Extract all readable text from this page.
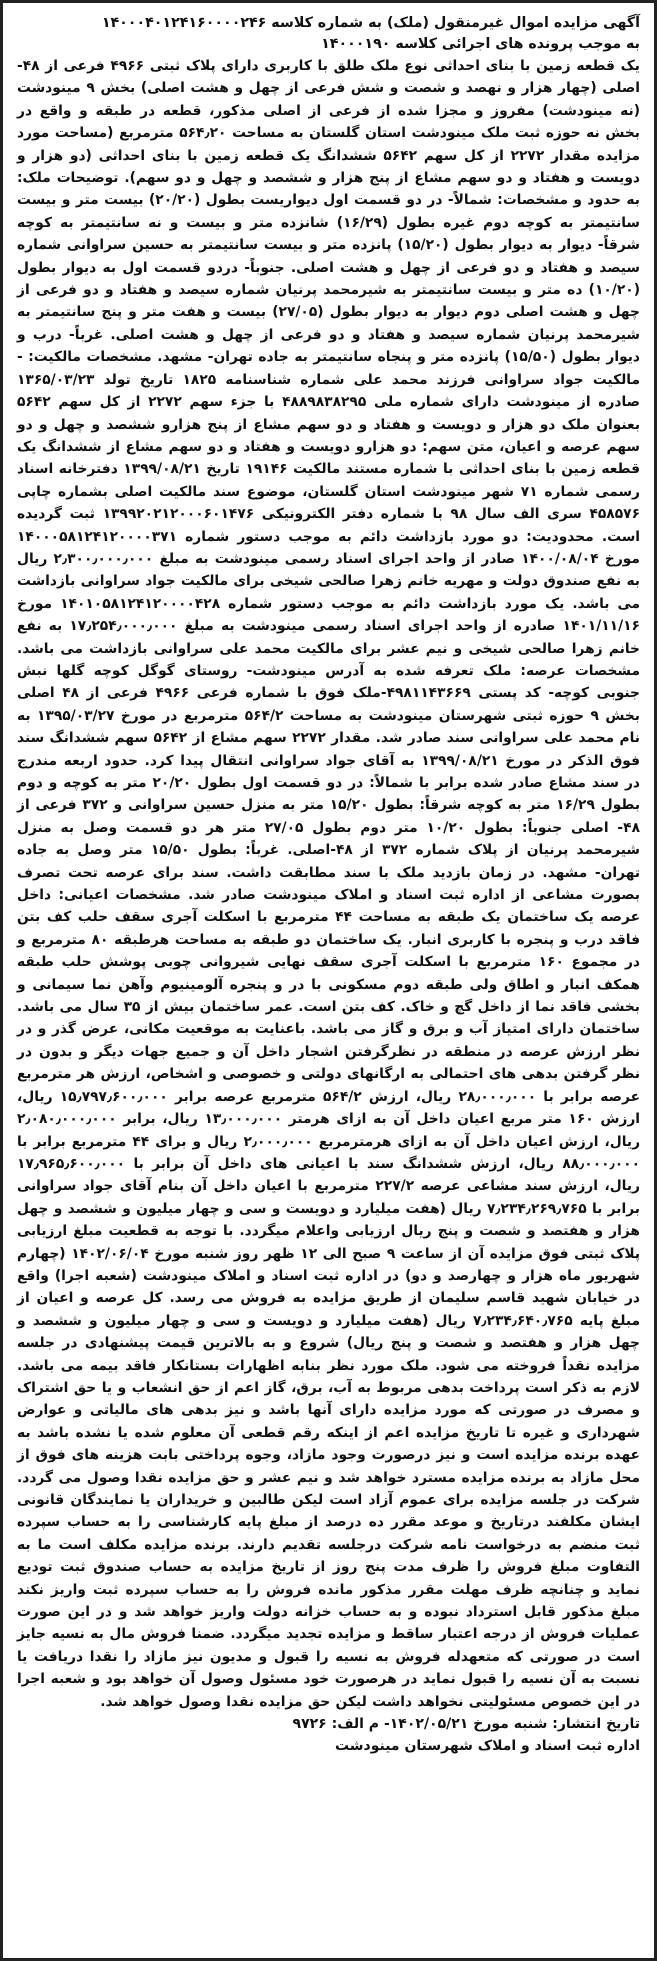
آگهی مزایده اموال غیرمنقول (ملک) به شماره کلاسه ۱۴۰۰۰۴۰۱۲۴۱۶۰۰۰۰۲۴۶
به موجب پرونده های اجرائی کلاسه ۱۴۰۰۰۱۹۰
یک قطعه زمین با بنای احداثی نوع ملک طلق با کاربری دارای پلاک ثبتی ۴۹۶۶ فرعی از ۴۸-اصلی (چهار هزار و نهصد و شصت و شش فرعی از چهل و هشت اصلی) بخش ۹ مینودشت (نه مینودشت) مفروز و مجزا شده از فرعی از اصلی مذکور، قطعه در طبقه و واقع در بخش نه حوزه ثبت ملک مینودشت استان گلستان به مساحت ۵۶۴٫۲۰ مترمربع (مساحت مورد مزایده مقدار ۲۲۷۲ از کل سهم ۵۶۴۲ ششدانگ یک قطعه زمین با بنای احداثی (دو هزار و دویست و هفتاد و دو سهم مشاع از پنج هزار و ششصد و چهل و دو سهم). توضیحات ملک: به حدود و مشخصات: شمالاً- در دو قسمت اول دیواریست بطول (۲۰/۲۰) بیست متر و بیست سانتیمتر به کوچه دوم غیره بطول (۱۶/۲۹) شانزده متر و بیست و نه سانتیمتر به کوچه شرقاً- دیوار به دیوار بطول (۱۵/۲۰) پانزده متر و بیست سانتیمتر به حسین سراوانی شماره سیصد و هفتاد و دو فرعی از چهل و هشت اصلی. جنوباً- دردو قسمت اول به دیوار بطول (۱۰/۲۰) ده متر و بیست سانتیمتر به شیرمحمد پرنیان شماره سیصد و هفتاد و دو فرعی از چهل و هشت اصلی دوم دیوار به دیوار بطول (۲۷/۰۵) بیست و هفت متر و پنج سانتیمتر به شیرمحمد پرنیان شماره سیصد و هفتاد و دو فرعی از چهل و هشت اصلی. غرباً- درب و دیوار بطول (۱۵/۵۰) پانزده متر و پنجاه سانتیمتر به جاده تهران- مشهد. مشخصات مالکیت: - مالکیت جواد سراوانی فرزند محمد علی شماره شناسنامه ۱۸۲۵ تاریخ تولد ۱۳۶۵/۰۳/۲۳ صادره از مینودشت دارای شماره ملی ۴۸۸۹۸۳۸۲۹۵ با جزء سهم ۲۲۷۲ از کل سهم ۵۶۴۲ بعنوان ملک دو هزار و دویست و هفتاد و دو سهم مشاع از پنج هزارو ششصد و چهل و دو سهم عرصه و اعیان، متن سهم: دو هزارو دویست و هفتاد و دو سهم مشاع از ششدانگ یک قطعه زمین با بنای احداثی با شماره مستند مالکیت ۱۹۱۴۶ تاریخ ۱۳۹۹/۰۸/۲۱ دفترخانه اسناد رسمی شماره ۷۱ شهر مینودشت استان گلستان، موضوع سند مالکیت اصلی بشماره چاپی ۴۵۸۵۷۶ سری الف سال ۹۸ با شماره دفتر الکترونیکی ۱۳۹۹۲۰۲۱۲۰۰۰۶۰۱۴۷۶ ثبت گردیده است. محدودیت: دو مورد بازداشت دائم به موجب دستور شماره ۱۴۰۰۰۵۸۱۲۴۱۲۰۰۰۰۳۷۱ مورخ ۱۴۰۰/۰۸/۰۴ صادر از واحد اجرای اسناد رسمی مینودشت به مبلغ ۲٫۳۰۰٫۰۰۰٫۰۰۰ ریال به نفع صندوق دولت و مهریه خانم زهرا صالحی شیخی برای مالکیت جواد سراوانی بازداشت می باشد. یک مورد بازداشت دائم به موجب دستور شماره ۱۴۰۱۰۵۸۱۲۴۱۲۰۰۰۰۴۲۸ مورخ ۱۴۰۱/۱۱/۱۶ صادره از واحد اجرای اسناد رسمی مینودشت به مبلغ ۱۷٫۲۵۴٫۰۰۰٫۰۰۰ به نفع خانم زهرا صالحی شیخی و نیم عشر برای مالکیت محمد علی سراوانی بازداشت می باشد. مشخصات عرصه: ملک تعرفه شده به آدرس مینودشت- روستای گوگل کوچه گلها نبش جنوبی کوچه- کد پستی ۴۹۸۱۱۴۳۶۶۹-ملک فوق با شماره فرعی ۴۹۶۶ فرعی از ۴۸ اصلی بخش ۹ حوزه ثبتی شهرستان مینودشت به مساحت ۵۶۴/۲ مترمربع در مورخ ۱۳۹۵/۰۳/۲۷ به نام محمد علی سراوانی سند صادر شد. مقدار ۲۲۷۲ سهم مشاع از ۵۶۴۲ سهم ششدانگ سند فوق الذکر در مورخ ۱۳۹۹/۰۸/۲۱ به آقای جواد سراوانی انتقال پیدا کرد. حدود اربعه مندرج در سند مشاع صادر شده برابر با شمالاً: در دو قسمت اول بطول ۲۰/۲۰ متر به کوچه و دوم بطول ۱۶/۲۹ متر به کوچه شرقاً: بطول ۱۵/۲۰ متر به منزل حسین سراوانی و ۳۷۲ فرعی از ۴۸- اصلی جنوباً: بطول ۱۰/۲۰ متر دوم بطول ۲۷/۰۵ متر هر دو قسمت وصل به منزل شیرمحمد پرنیان از پلاک شماره ۳۷۲ از ۴۸-اصلی. غرباً: بطول ۱۵/۵۰ متر وصل به جاده تهران- مشهد. در زمان بازدید ملک با سند مطابقت داشت. سند برای عرصه تحت تصرف بصورت مشاعی از اداره ثبت اسناد و املاک مینودشت صادر شد. مشخصات اعیانی: داخل عرصه یک ساختمان یک طبقه به مساحت ۴۴ مترمربع با اسکلت آجری سقف حلب کف بتن فاقد درب و پنجره با کاربری انبار. یک ساختمان دو طبقه به مساحت هرطبقه ۸۰ مترمربع و در مجموع ۱۶۰ مترمربع با اسکلت آجری سقف نهایی شیروانی چوبی پوشش حلب طبقه همکف انبار و اطاق ولی طبقه دوم مسکونی با در و پنجره آلومینیوم وآهن نما سیمانی و بخشی فاقد نما از داخل گچ و خاک. کف بتن است. عمر ساختمان بیش از ۳۵ سال می باشد. ساختمان دارای امتیاز آب و برق و گاز می باشد. باعنایت به موقعیت مکانی، عرض گذر و در نظر ارزش عرصه در منطقه در نظرگرفتن اشجار داخل آن و جمیع جهات دیگر و بدون در نظر گرفتن بدهی های احتمالی به ارگانهای دولتی و خصوصی و اشخاص، ارزش هر مترمربع عرصه برابر با ۲۸٫۰۰۰٫۰۰۰ ریال، ارزش ۵۶۴/۲ مترمربع عرصه برابر ۱۵٫۷۹۷٫۶۰۰٫۰۰۰ ریال، ارزش ۱۶۰ متر مربع اعیان داخل آن به ازای هرمتر ۱۳٫۰۰۰٫۰۰۰ ریال، برابر ۲٫۰۸۰٫۰۰۰٫۰۰۰ ریال، ارزش اعیان داخل آن به ازای هرمترمربع ۲٫۰۰۰٫۰۰۰ ریال و برای ۴۴ مترمربع برابر با ۸۸٫۰۰۰٫۰۰۰ ریال، ارزش ششدانگ سند با اعیانی های داخل آن برابر با ۱۷٫۹۶۵٫۶۰۰٫۰۰۰ ریال، ارزش سند مشاعی عرصه ۲۲۷/۲ مترمربع با اعیان داخل آن بنام آقای جواد سراوانی برابر با ۷٫۲۳۴٫۲۶۹٫۷۶۵ ریال (هفت میلیارد و دویست و سی و چهار میلیون و ششصد و چهل هزار و هفتصد و شصت و پنج ریال ارزیابی واعلام میگردد. با توجه به قطعیت مبلغ ارزیابی پلاک ثبتی فوق مزایده آن از ساعت ۹ صبح الی ۱۲ ظهر روز شنبه مورخ ۱۴۰۲/۰۶/۰۴ (چهارم شهریور ماه هزار و چهارصد و دو) در اداره ثبت اسناد و املاک مینودشت (شعبه اجرا) واقع در خیابان شهید قاسم سلیمان از طریق مزایده به فروش می رسد. کل عرصه و اعیان از مبلغ پایه ۷٫۲۳۴٫۶۴۰٫۷۶۵ ریال (هفت میلیارد و دویست و سی و چهار میلیون و ششصد و چهل هزار و هفتصد و شصت و پنج ریال) شروع و به بالاترین قیمت پیشنهادی در جلسه مزایده نقداً فروخته می شود. ملک مورد نظر بنابه اظهارات بستانکار فاقد بیمه می باشد. لازم به ذکر است پرداخت بدهی مربوط به آب، برق، گاز اعم از حق انشعاب و یا حق اشتراک و مصرف در صورتی که مورد مزایده دارای آنها باشد و نیز بدهی های مالیاتی و عوارض شهرداری و غیره تا تاریخ مزایده اعم از اینکه رقم قطعی آن معلوم شده یا نشده باشد به عهده برنده مزایده است و نیز درصورت وجود مازاد، وجوه پرداختی بابت هزینه های فوق از محل مازاد به برنده مزایده مسترد خواهد شد و نیم عشر و حق مزایده نقدا وصول می گردد. شرکت در جلسه مزایده برای عموم آزاد است لیکن طالبین و خریداران یا نمایندگان قانونی ایشان مکلفند درتاریخ و موعد مقرر ده درصد از مبلغ پایه کارشناسی را به حساب سپرده ثبت منضم به درخواست نامه شرکت درجلسه تقدیم دارند. برنده مزایده مکلف است ما به التفاوت مبلغ فروش را ظرف مدت پنج روز از تاریخ مزایده به حساب صندوق ثبت تودیع نماید و چنانچه ظرف مهلت مقرر مذکور مانده فروش را به حساب سپرده ثبت واریز نکند مبلغ مذکور قابل استرداد نبوده و به حساب خزانه دولت واریز خواهد شد و در این صورت عملیات فروش از درجه اعتبار ساقط و مزایده تجدید میگردد. ضمنا فروش مال به نسیه جایز است در صورتی که متعهدله فروش به نسیه را قبول و مدیون نیز مازاد را نقدا دریافت یا نسبت به آن نسیه را قبول نماید در هرصورت خود مسئول وصول آن خواهد بود و شعبه اجرا در این خصوص مسئولیتی نخواهد داشت لیکن حق مزایده نقدا وصول خواهد شد.
تاریخ انتشار: شنبه مورخ ۱۴۰۲/۰۵/۲۱- م الف: ۹۷۲۶
اداره ثبت اسناد و املاک شهرستان مینودشت
